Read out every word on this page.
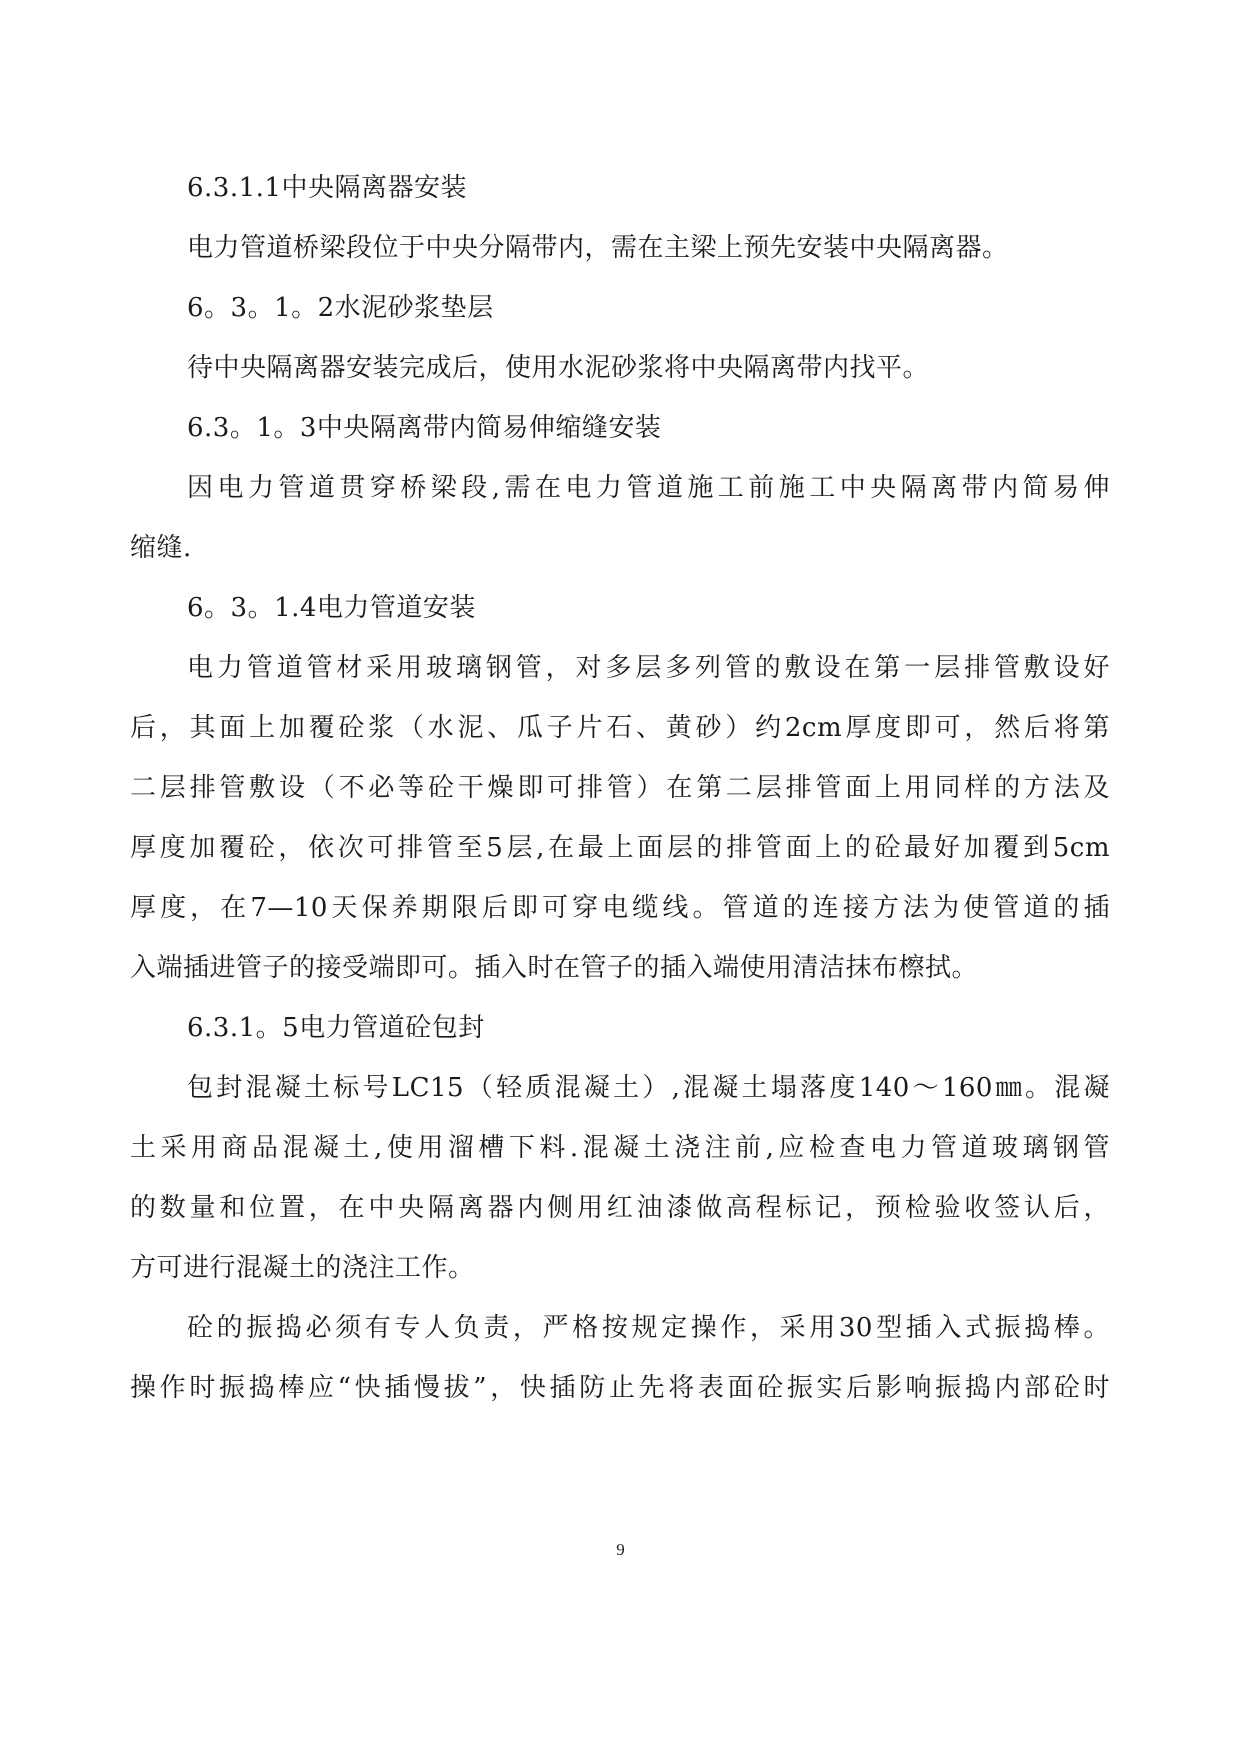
6.3.1.1中央隔离器安装
电力管道桥梁段位于中央分隔带内，需在主梁上预先安装中央隔离器。
6。3。1。2水泥砂浆垫层
待中央隔离器安装完成后，使用水泥砂浆将中央隔离带内找平。
6.3。1。3中央隔离带内简易伸缩缝安装
因电力管道贯穿桥梁段,需在电力管道施工前施工中央隔离带内简易伸
缩缝.
6。3。1.4电力管道安装
电力管道管材采用玻璃钢管，对多层多列管的敷设在第一层排管敷设好
后，其面上加覆砼浆（水泥、瓜子片石、黄砂）约2cm厚度即可，然后将第
二层排管敷设（不必等砼干燥即可排管）在第二层排管面上用同样的方法及
厚度加覆砼，依次可排管至5层,在最上面层的排管面上的砼最好加覆到5cm
厚度，在7—10天保养期限后即可穿电缆线。管道的连接方法为使管道的插
入端插进管子的接受端即可。插入时在管子的插入端使用清洁抹布檫拭。
6.3.1。5电力管道砼包封
包封混凝土标号LC15（轻质混凝土）,混凝土塌落度140～160㎜。混凝
土采用商品混凝土,使用溜槽下料.混凝土浇注前,应检查电力管道玻璃钢管
的数量和位置，在中央隔离器内侧用红油漆做高程标记，预检验收签认后，
方可进行混凝土的浇注工作。
砼的振捣必须有专人负责，严格按规定操作，采用30型插入式振捣棒。
操作时振捣棒应“快插慢拔”，快插防止先将表面砼振实后影响振捣内部砼时
9
